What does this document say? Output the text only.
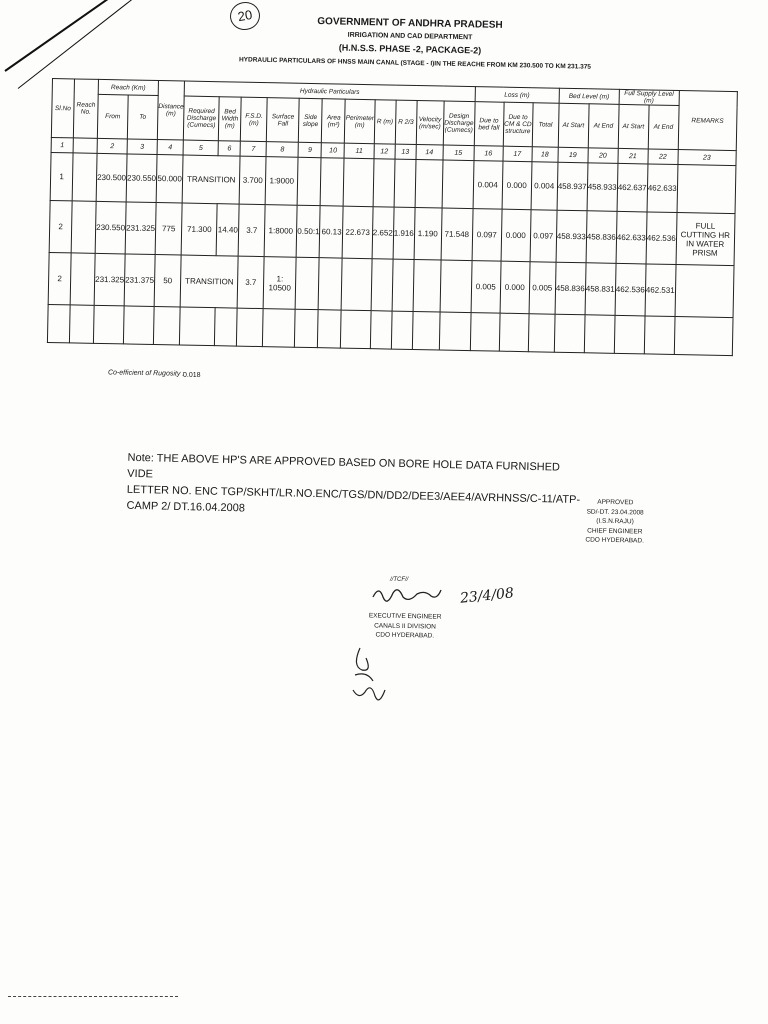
20	GOVERNMENT OF ANDHRA PRADESH
IRRIGATION AND CAD DEPARTMENT
(H.N.S.S. PHASE -2, PACKAGE-2)
HYDRAULIC PARTICULARS OF HNSS MAIN CANAL (STAGE - I)IN THE REACHE FROM KM 230.500 TO KM 231.375
Sl.No	Reach No.	Reach (Km)		Distance (m)	Hydraulic Particulars											Loss (m)			Bed Level (m)		Full Supply Level (m)		REMARKS
		From	To		Required Discharge (Cumecs)	Bed Width (m)	F.S.D. (m)	Surface Fall	Side slope	Area (m²)	Perimeter (m)	R (m)	R 2/3	Velocity (m/sec)	Design Discharge (Cumecs)	Due to bed fall	Due to CM & CD structure	Total	At Start	At End	At Start	At End	
1		2	3	4	5	6	7	8	9	10	11	12	13	14	15	16	17	18	19	20	21	22	23
1		230.500	230.550	50.000	TRANSITION		3.700	1:9000								0.004	0.000	0.004	458.937	458.933	462.637	462.633	
2		230.550	231.325	775	71.300	14.40	3.7	1:8000	0.50:1	60.13	22.673	2.652	1.916	1.190	71.548	0.097	0.000	0.097	458.933	458.836	462.633	462.536	FULL CUTTING HR IN WATER PRISM
2		231.325	231.375	50	TRANSITION		3.7	1: 10500								0.005	0.000	0.005	458.836	458.831	462.536	462.531	

Co-efficient of Rugosity :
0.018
Note: THE ABOVE HP'S ARE APPROVED BASED ON BORE HOLE DATA FURNISHED VIDE
LETTER NO. ENC TGP/SKHT/LR.NO.ENC/TGS/DN/DD2/DEE3/AEE4/AVRHNSS/C-11/ATP-CAMP 2/ DT.16.04.2008	APPROVED
SD/-DT. 23.04.2008
(I.S.N.RAJU)
CHIEF ENGINEER
CDO HYDERABAD.
//TCF//
23/4/08
EXECUTIVE ENGINEER
CANALS II DIVISION
CDO HYDERABAD.
